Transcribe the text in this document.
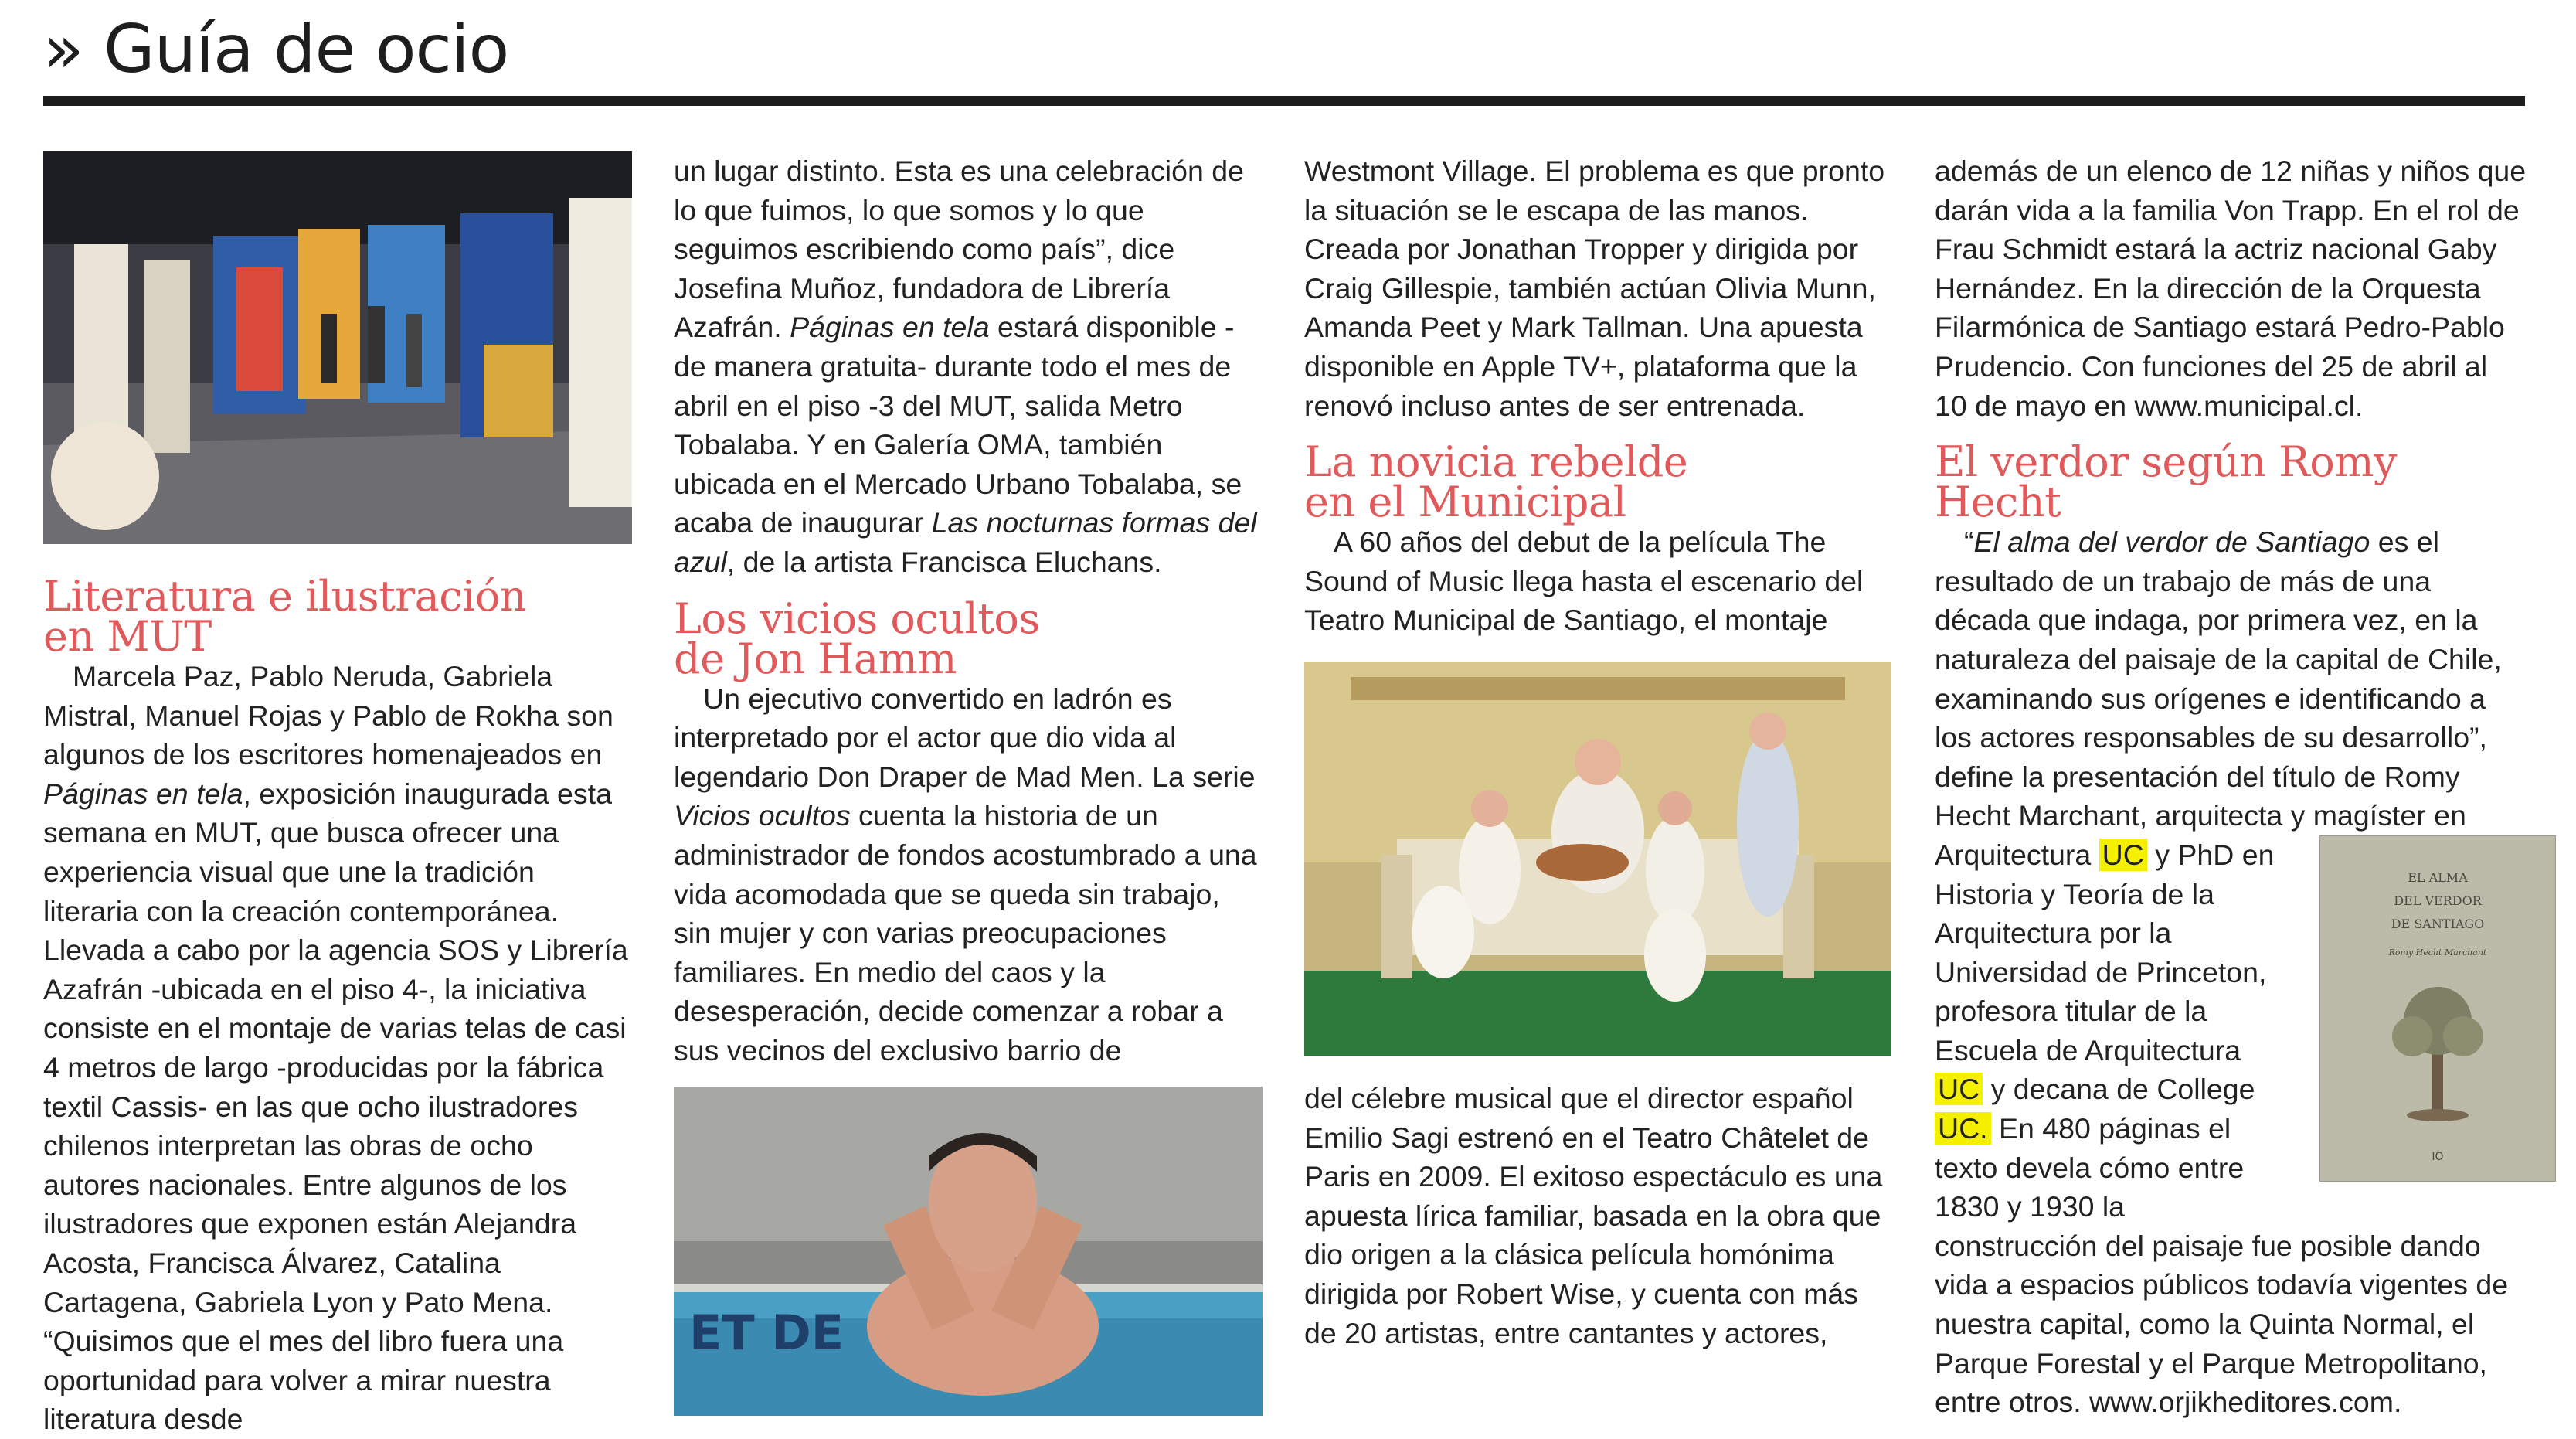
» Guía de ocio
Literatura e ilustración
en MUT

Marcela Paz, Pablo Neruda, Gabriela Mistral, Manuel Rojas y Pablo de Rokha son algunos de los escritores homenajeados en Páginas en tela, exposición inaugurada esta semana en MUT, que busca ofrecer una experiencia visual que une la tradición literaria con la creación contemporánea. Llevada a cabo por la agencia SOS y Librería Azafrán -ubicada en el piso 4-, la iniciativa consiste en el montaje de varias telas de casi 4 metros de largo -producidas por la fábrica textil Cassis- en las que ocho ilustradores chilenos interpretan las obras de ocho autores nacionales. Entre algunos de los ilustradores que exponen están Alejandra Acosta, Francisca Álvarez, Catalina Cartagena, Gabriela Lyon y Pato Mena. “Quisimos que el mes del libro fuera una oportunidad para volver a mirar nuestra literatura desde

un lugar distinto. Esta es una celebración de lo que fuimos, lo que somos y lo que seguimos escribiendo como país”, dice Josefina Muñoz, fundadora de Librería Azafrán. Páginas en tela estará disponible -de manera gratuita- durante todo el mes de abril en el piso -3 del MUT, salida Metro Tobalaba. Y en Galería OMA, también ubicada en el Mercado Urbano Tobalaba, se acaba de inaugurar Las nocturnas formas del azul, de la artista Francisca Eluchans.

Los vicios ocultos
de Jon Hamm

Un ejecutivo convertido en ladrón es interpretado por el actor que dio vida al legendario Don Draper de Mad Men. La serie Vicios ocultos cuenta la historia de un administrador de fondos acostumbrado a una vida acomodada que se queda sin trabajo, sin mujer y con varias preocupaciones familiares. En medio del caos y la desesperación, decide comenzar a robar a sus vecinos del exclusivo barrio de

ET DE

Westmont Village. El problema es que pronto la situación se le escapa de las manos. Creada por Jonathan Tropper y dirigida por Craig Gillespie, también actúan Olivia Munn, Amanda Peet y Mark Tallman. Una apuesta disponible en Apple TV+, plataforma que la renovó incluso antes de ser entrenada.

La novicia rebelde
en el Municipal

A 60 años del debut de la película The Sound of Music llega hasta el escenario del Teatro Municipal de Santiago, el montaje

del célebre musical que el director español Emilio Sagi estrenó en el Teatro Châtelet de Paris en 2009. El exitoso espectáculo es una apuesta lírica familiar, basada en la obra que dio origen a la clásica película homónima dirigida por Robert Wise, y cuenta con más de 20 artistas, entre cantantes y actores,

además de un elenco de 12 niñas y niños que darán vida a la familia Von Trapp. En el rol de Frau Schmidt estará la actriz nacional Gaby Hernández. En la dirección de la Orquesta Filarmónica de Santiago estará Pedro-Pablo Prudencio. Con funciones del 25 de abril al 10 de mayo en www.municipal.cl.

El verdor según Romy Hecht

“El alma del verdor de Santiago es el resultado de un trabajo de más de una década que indaga, por primera vez, en la naturaleza del paisaje de la capital de Chile, examinando sus orígenes e identificando a los actores responsables de su desarrollo”, define la presentación del título de Romy Hecht Marchant, arquitecta y magíster en Arquitectura
EL ALMA
DEL VERDOR
DE SANTIAGO
Romy Hecht Marchant
IO
UC y PhD en Historia y Teoría de la Arquitectura por la Universidad de Princeton, profesora titular de la Escuela de Arquitectura UC y decana de College UC. En 480 páginas el texto devela cómo entre 1830 y 1930 la construcción del paisaje fue posible dando vida a espacios públicos todavía vigentes de nuestra capital, como la Quinta Normal, el Parque Forestal y el Parque Metropolitano, entre otros. www.orjikheditores.com.
